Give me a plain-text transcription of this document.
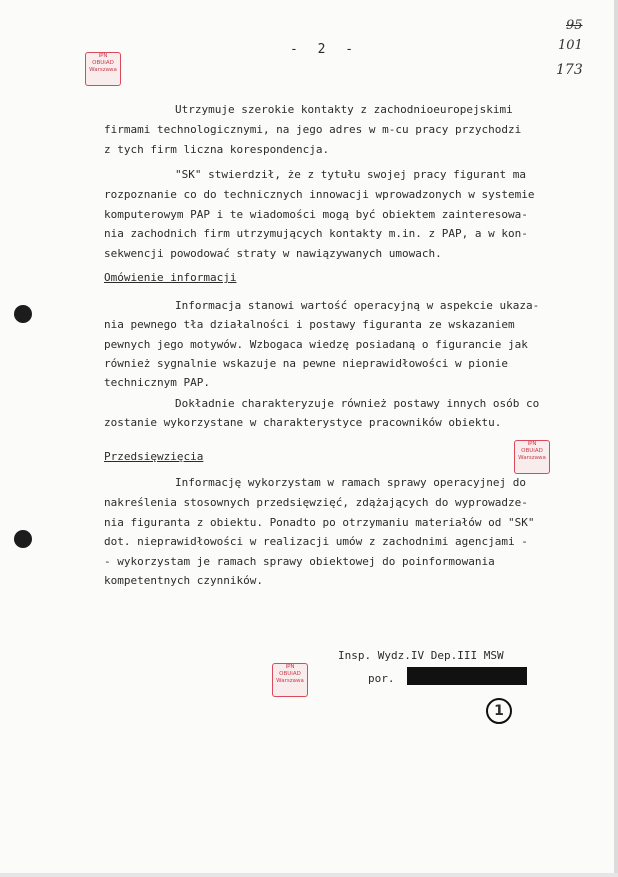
- 2 -
95
101
173
IPN
OBUiAD
Warszawa
IPN
OBUiAD
Warszawa
IPN
OBUiAD
Warszawa
Utrzymuje szerokie kontakty z zachodnioeuropejskimi
firmami technologicznymi, na jego adres w m-cu pracy przychodzi
z tych firm liczna korespondencja.
"SK" stwierdził, że z tytułu swojej pracy figurant ma
rozpoznanie co do technicznych innowacji wprowadzonych w systemie
komputerowym PAP i te wiadomości mogą być obiektem zainteresowa-
nia zachodnich firm utrzymujących kontakty m.in. z PAP, a w kon-
sekwencji powodować straty w nawiązywanych umowach.
Omówienie informacji
Informacja stanowi wartość operacyjną w aspekcie ukaza-
nia pewnego tła działalności i postawy figuranta ze wskazaniem
pewnych jego motywów. Wzbogaca wiedzę posiadaną o figurancie jak
również sygnalnie wskazuje na pewne nieprawidłowości w pionie
technicznym PAP.
Dokładnie charakteryzuje również postawy innych osób co
zostanie wykorzystane w charakterystyce pracowników obiektu.
Przedsięwzięcia
Informację wykorzystam w ramach sprawy operacyjnej do
nakreślenia stosownych przedsięwzięć, zdążających do wyprowadze-
nia figuranta z obiektu. Ponadto po otrzymaniu materiałów od "SK"
dot. nieprawidłowości w realizacji umów z zachodnimi agencjami -
- wykorzystam je ramach sprawy obiektowej do poinformowania
kompetentnych czynników.
Insp. Wydz.IV Dep.III MSW
por.
1
